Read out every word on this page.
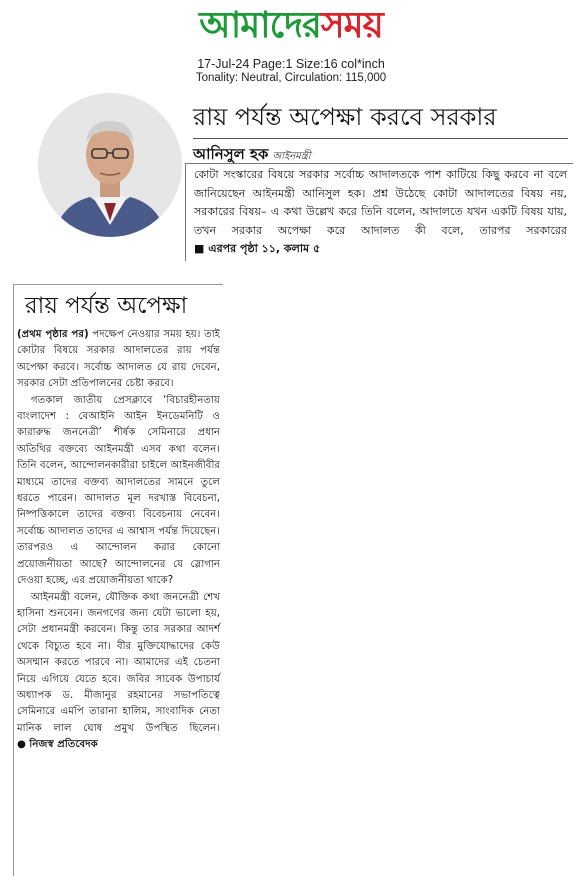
আমাদেরসময়
17-Jul-24 Page:1 Size:16 col*inch
Tonality: Neutral, Circulation: 115,000
রায় পর্যন্ত অপেক্ষা করবে সরকার
আনিসুল হক আইনমন্ত্রী
কোটা সংস্কারের বিষয়ে সরকার সর্বোচ্চ আদালতকে পাশ কাটিয়ে কিছু করবে না বলে জানিয়েছেন আইনমন্ত্রী আনিসুল হক। প্রশ্ন উঠেছে কোটা আদালতের বিষয় নয়, সরকারের বিষয়– এ কথা উল্লেখ করে তিনি বলেন, আদালতে যখন একটি বিষয় যায়, তখন সরকার অপেক্ষা করে আদালত কী বলে, তারপর সরকারের ■ এরপর পৃষ্ঠা ১১, কলাম ৫
রায় পর্যন্ত অপেক্ষা

(প্রথম পৃষ্ঠার পর) পদক্ষেপ নেওয়ার সময় হয়। তাই কোটার বিষয়ে সরকার আদালতের রায় পর্যন্ত অপেক্ষা করবে। সর্বোচ্চ আদালত যে রায় দেবেন, সরকার সেটা প্রতিপালনের চেষ্টা করবে।

গতকাল জাতীয় প্রেসক্লাবে ‘বিচারহীনতায় বাংলাদেশ : বেআইনি আইন ইনডেমনিটি ও কারারুদ্ধ জননেত্রী’ শীর্ষক সেমিনারে প্রধান অতিথির বক্তব্যে আইনমন্ত্রী এসব কথা বলেন। তিনি বলেন, আন্দোলনকারীরা চাইলে আইনজীবীর মাধ্যমে তাদের বক্তব্য আদালতের সামনে তুলে ধরতে পারেন। আদালত মূল দরখাস্ত বিবেচনা, নিষ্পত্তিকালে তাদের বক্তব্য বিবেচনায় নেবেন। সর্বোচ্চ আদালত তাদের এ আশ্বাস পর্যন্ত দিয়েছেন। তারপরও এ আন্দোলন করার কোনো প্রয়োজনীয়তা আছে? আন্দোলনের যে স্লোগান দেওয়া হচ্ছে, এর প্রয়োজনীয়তা থাকে?

আইনমন্ত্রী বলেন, যৌক্তিক কথা জননেত্রী শেখ হাসিনা শুনবেন। জনগণের জন্য যেটা ভালো হয়, সেটা প্রধানমন্ত্রী করবেন। কিন্তু তার সরকার আদর্শ থেকে বিচ্যুত হবে না। বীর মুক্তিযোদ্ধাদের কেউ অসম্মান করতে পারবে না। আমাদের এই চেতনা নিয়ে এগিয়ে যেতে হবে। জবির সাবেক উপাচার্য অধ্যাপক ড. মীজানুর রহমানের সভাপতিত্বে সেমিনারে এমপি তারানা হালিম, সাংবাদিক নেতা মানিক লাল ঘোষ প্রমুখ উপস্থিত ছিলেন। ● নিজস্ব প্রতিবেদক
